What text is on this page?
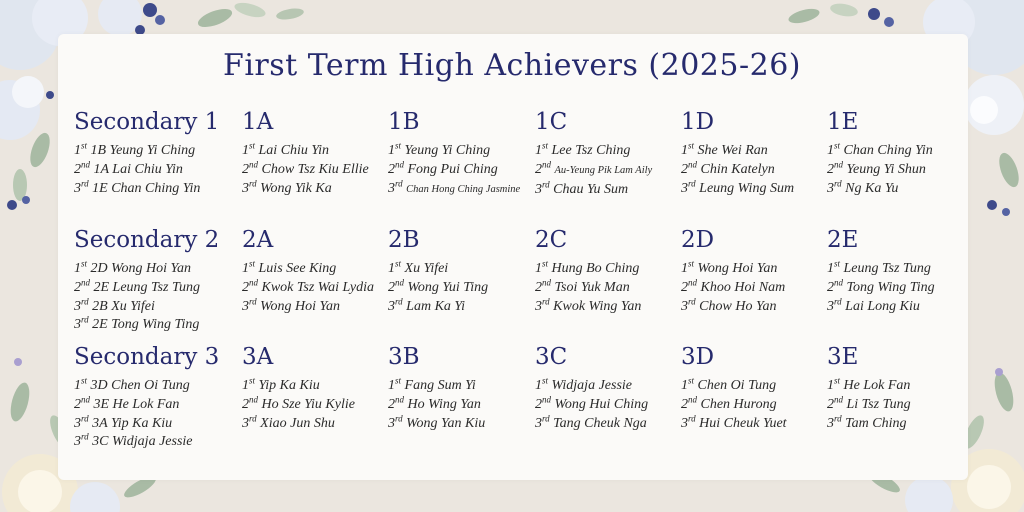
First Term High Achievers (2025-26)
Secondary 1
1st 1B Yeung Yi Ching
2nd 1A Lai Chiu Yin
3rd 1E Chan Ching Yin
1A
1st Lai Chiu Yin
2nd Chow Tsz Kiu Ellie
3rd Wong Yik Ka
1B
1st Yeung Yi Ching
2nd Fong Pui Ching
3rd Chan Hong Ching Jasmine
1C
1st Lee Tsz Ching
2nd Au-Yeung Pik Lam Aily
3rd Chau Yu Sum
1D
1st She Wei Ran
2nd Chin Katelyn
3rd Leung Wing Sum
1E
1st Chan Ching Yin
2nd Yeung Yi Shun
3rd Ng Ka Yu
Secondary 2
1st 2D Wong Hoi Yan
2nd 2E Leung Tsz Tung
3rd 2B Xu Yifei
3rd 2E Tong Wing Ting
2A
1st Luis See King
2nd Kwok Tsz Wai Lydia
3rd Wong Hoi Yan
2B
1st Xu Yifei
2nd Wong Yui Ting
3rd Lam Ka Yi
2C
1st Hung Bo Ching
2nd Tsoi Yuk Man
3rd Kwok Wing Yan
2D
1st Wong Hoi Yan
2nd Khoo Hoi Nam
3rd Chow Ho Yan
2E
1st Leung Tsz Tung
2nd Tong Wing Ting
3rd Lai Long Kiu
Secondary 3
1st 3D Chen Oi Tung
2nd 3E He Lok Fan
3rd 3A Yip Ka Kiu
3rd 3C Widjaja Jessie
3A
1st Yip Ka Kiu
2nd Ho Sze Yiu Kylie
3rd Xiao Jun Shu
3B
1st Fang Sum Yi
2nd Ho Wing Yan
3rd Wong Yan Kiu
3C
1st Widjaja Jessie
2nd Wong Hui Ching
3rd Tang Cheuk Nga
3D
1st Chen Oi Tung
2nd Chen Hurong
3rd Hui Cheuk Yuet
3E
1st He Lok Fan
2nd Li Tsz Tung
3rd Tam Ching
